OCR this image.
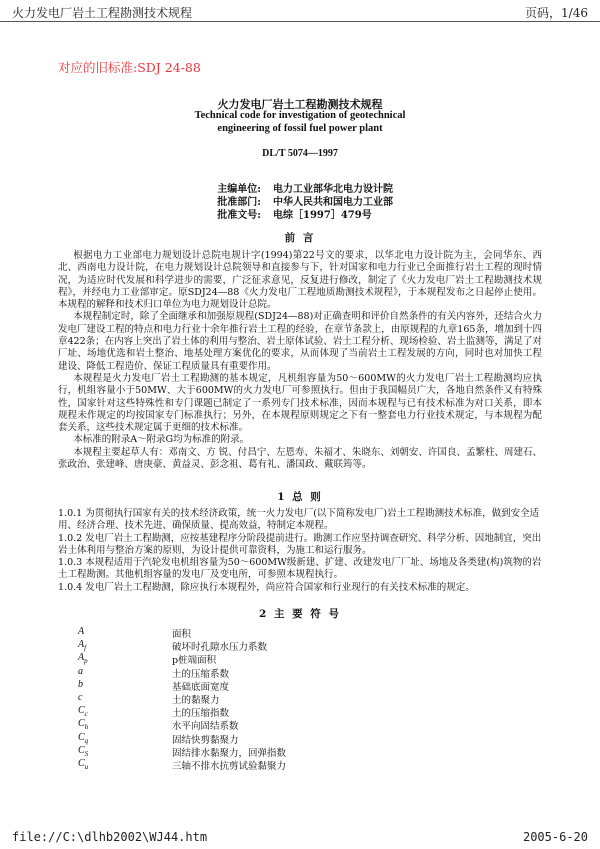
火力发电厂岩土工程勘测技术规程	页码，1/46
对应的旧标准:SDJ 24-88
火力发电厂岩土工程勘测技术规程
Technical code for investigation of geotechnical
engineering of fossil fuel power plant
DL/T 5074—1997
主编单位: 电力工业部华北电力设计院
批准部门: 中华人民共和国电力工业部
批准文号: 电综［1997］479号
前 言

根据电力工业部电力规划设计总院电规计字(1994)第22号文的要求，以华北电力设计院为主，会同华东、西北、西南电力设计院，在电力规划设计总院领导和直接参与下，针对国家和电力行业已全面推行岩土工程的现时情况，为适应时代发展和科学进步的需要，广泛征求意见，反复进行修改，制定了《火力发电厂岩土工程勘测技术规程》，并经电力工业部审定。原SDJ24—88《火力发电厂工程地质勘测技术规程》，于本规程发布之日起停止使用。本规程的解释和技术归口单位为电力规划设计总院。

本规程制定时，除了全面继承和加强原规程(SDJ24—88)对正确查明和评价自然条件的有关内容外，还结合火力发电厂建设工程的特点和电力行业十余年推行岩土工程的经验，在章节条款上，由原规程的九章165条，增加到十四章422条；在内容上突出了岩土体的利用与整治、岩土原体试验、岩土工程分析、现场检验、岩土监测等，满足了对厂址、场地优选和岩土整治、地基处理方案优化的要求，从而体现了当前岩土工程发展的方向，同时也对加快工程建设、降低工程造价、保证工程质量具有重要作用。

本规程是火力发电厂岩土工程勘测的基本规定，凡机组容量为50～600MW的火力发电厂岩土工程勘测均应执行，机组容量小于50MW、大于600MW的火力发电厂可参照执行。但由于我国幅员广大，各地自然条件又有特殊性，国家针对这些特殊性和专门课题已制定了一系列专门技术标准，因而本规程与已有技术标准为对口关系，即本规程未作规定的均按国家专门标准执行；另外，在本规程原则规定之下有一整套电力行业技术规定，与本规程为配套关系，这些技术规定属于更细的技术标准。

本标准的附录A～附录G均为标准的附录。

本规程主要起草人有：邓南文、方 锐、付昌宁、左恩寿、朱福才、朱晓东、刘朝安、许国良、孟繁柱、周建石、张政治、张建峰、唐庚豪、黄益灵、彭念祖、葛有礼、潘国政、戴联筠等。

1 总 则

1.0.1 为贯彻执行国家有关的技术经济政策，统一火力发电厂(以下简称发电厂)岩土工程勘测技术标准，做到安全适用、经济合理、技术先进、确保质量、提高效益，特制定本规程。

1.0.2 发电厂岩土工程勘测，应按基建程序分阶段提前进行。勘测工作应坚持调查研究、科学分析、因地制宜，突出岩土体利用与整治方案的原则，为设计提供可靠资料，为施工和运行服务。

1.0.3 本规程适用于汽轮发电机组容量为50～600MW级新建、扩建、改建发电厂厂址、场地及各类建(构)筑物的岩土工程勘测。其他机组容量的发电厂及变电所，可参照本规程执行。

1.0.4 发电厂岩土工程勘测，除应执行本规程外，尚应符合国家和行业现行的有关技术标准的规定。

2 主 要 符 号
A	面积
$A_f$	破坏时孔隙水压力系数
$A_p$	p桩端面积
a	土的压缩系数
b	基础底面宽度
c	土的黏聚力
$C_c$	土的压缩指数
$C_h$	水平向固结系数
$C_q$	固结快剪黏聚力
$C_S$	固结排水黏聚力，回弹指数
$C_u$	三轴不排水抗剪试验黏聚力
file://C:\dlhb2002\WJ44.htm	2005-6-20
